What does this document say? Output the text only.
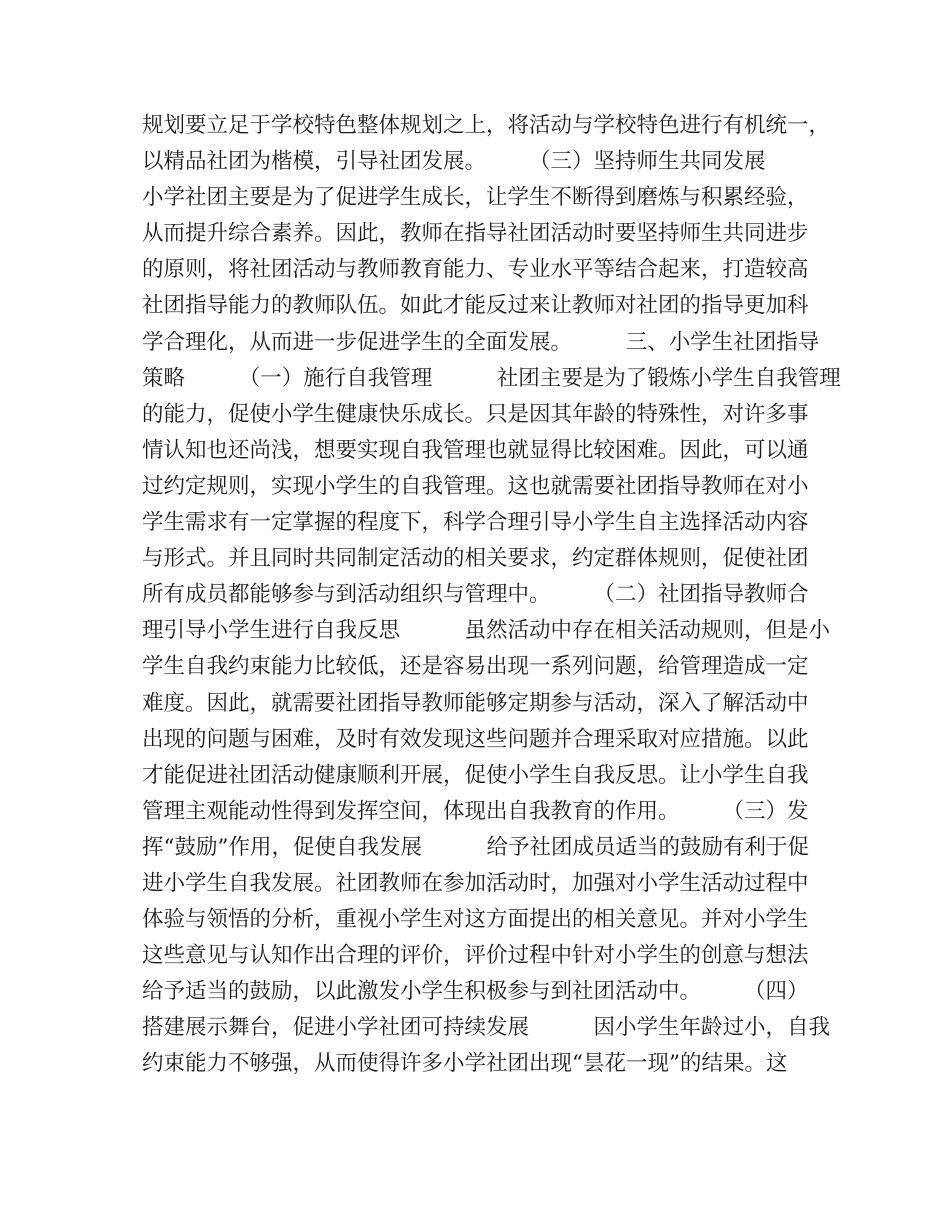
规划要立足于学校特色整体规划之上，将活动与学校特色进行有机统一，
以精品社团为楷模，引导社团发展。　　　（三）坚持师生共同发展
小学社团主要是为了促进学生成长，让学生不断得到磨炼与积累经验，
从而提升综合素养。因此，教师在指导社团活动时要坚持师生共同进步
的原则，将社团活动与教师教育能力、专业水平等结合起来，打造较高
社团指导能力的教师队伍。如此才能反过来让教师对社团的指导更加科
学合理化，从而进一步促进学生的全面发展。　　　三、小学生社团指导
策略　　　（一）施行自我管理　　　社团主要是为了锻炼小学生自我管理
的能力，促使小学生健康快乐成长。只是因其年龄的特殊性，对许多事
情认知也还尚浅，想要实现自我管理也就显得比较困难。因此，可以通
过约定规则，实现小学生的自我管理。这也就需要社团指导教师在对小
学生需求有一定掌握的程度下，科学合理引导小学生自主选择活动内容
与形式。并且同时共同制定活动的相关要求，约定群体规则，促使社团
所有成员都能够参与到活动组织与管理中。　　　（二）社团指导教师合
理引导小学生进行自我反思　　　虽然活动中存在相关活动规则，但是小
学生自我约束能力比较低，还是容易出现一系列问题，给管理造成一定
难度。因此，就需要社团指导教师能够定期参与活动，深入了解活动中
出现的问题与困难，及时有效发现这些问题并合理采取对应措施。以此
才能促进社团活动健康顺利开展，促使小学生自我反思。让小学生自我
管理主观能动性得到发挥空间，体现出自我教育的作用。　　　（三）发
挥“鼓励”作用，促使自我发展　　　给予社团成员适当的鼓励有利于促
进小学生自我发展。社团教师在参加活动时，加强对小学生活动过程中
体验与领悟的分析，重视小学生对这方面提出的相关意见。并对小学生
这些意见与认知作出合理的评价，评价过程中针对小学生的创意与想法
给予适当的鼓励，以此激发小学生积极参与到社团活动中。　　　（四）
搭建展示舞台，促进小学社团可持续发展　　　因小学生年龄过小，自我
约束能力不够强，从而使得许多小学社团出现“昙花一现”的结果。这
